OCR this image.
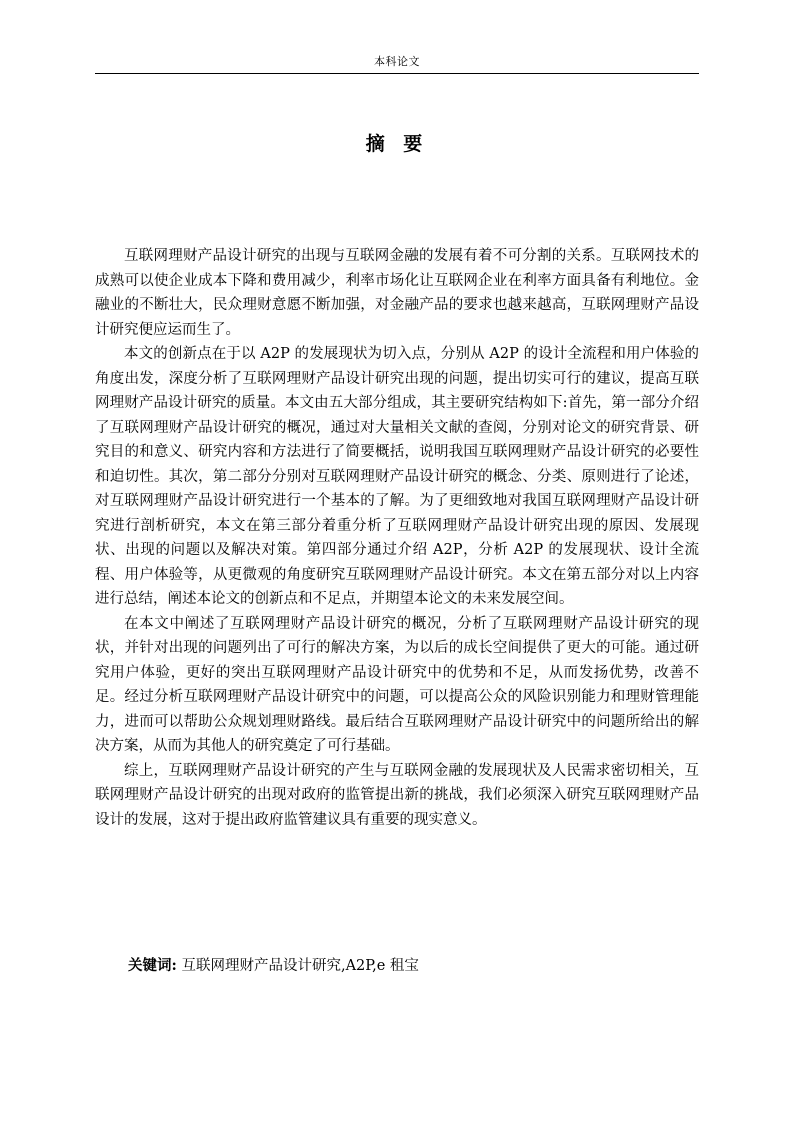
本科论文
摘 要

互联网理财产品设计研究的出现与互联网金融的发展有着不可分割的关系。互联网技术的成熟可以使企业成本下降和费用减少，利率市场化让互联网企业在利率方面具备有利地位。金融业的不断壮大，民众理财意愿不断加强，对金融产品的要求也越来越高，互联网理财产品设计研究便应运而生了。

本文的创新点在于以 A2P 的发展现状为切入点，分别从 A2P 的设计全流程和用户体验的角度出发，深度分析了互联网理财产品设计研究出现的问题，提出切实可行的建议，提高互联网理财产品设计研究的质量。本文由五大部分组成，其主要研究结构如下:首先，第一部分介绍了互联网理财产品设计研究的概况，通过对大量相关文献的查阅，分别对论文的研究背景、研究目的和意义、研究内容和方法进行了简要概括，说明我国互联网理财产品设计研究的必要性和迫切性。其次，第二部分分别对互联网理财产品设计研究的概念、分类、原则进行了论述，对互联网理财产品设计研究进行一个基本的了解。为了更细致地对我国互联网理财产品设计研究进行剖析研究，本文在第三部分着重分析了互联网理财产品设计研究出现的原因、发展现状、出现的问题以及解决对策。第四部分通过介绍 A2P，分析 A2P 的发展现状、设计全流程、用户体验等，从更微观的角度研究互联网理财产品设计研究。本文在第五部分对以上内容进行总结，阐述本论文的创新点和不足点，并期望本论文的未来发展空间。

在本文中阐述了互联网理财产品设计研究的概况，分析了互联网理财产品设计研究的现状，并针对出现的问题列出了可行的解决方案，为以后的成长空间提供了更大的可能。通过研究用户体验，更好的突出互联网理财产品设计研究中的优势和不足，从而发扬优势，改善不足。经过分析互联网理财产品设计研究中的问题，可以提高公众的风险识别能力和理财管理能力，进而可以帮助公众规划理财路线。最后结合互联网理财产品设计研究中的问题所给出的解决方案，从而为其他人的研究奠定了可行基础。

综上，互联网理财产品设计研究的产生与互联网金融的发展现状及人民需求密切相关，互联网理财产品设计研究的出现对政府的监管提出新的挑战，我们必须深入研究互联网理财产品设计的发展，这对于提出政府监管建议具有重要的现实意义。

关键词: 互联网理财产品设计研究,A2P,e 租宝
